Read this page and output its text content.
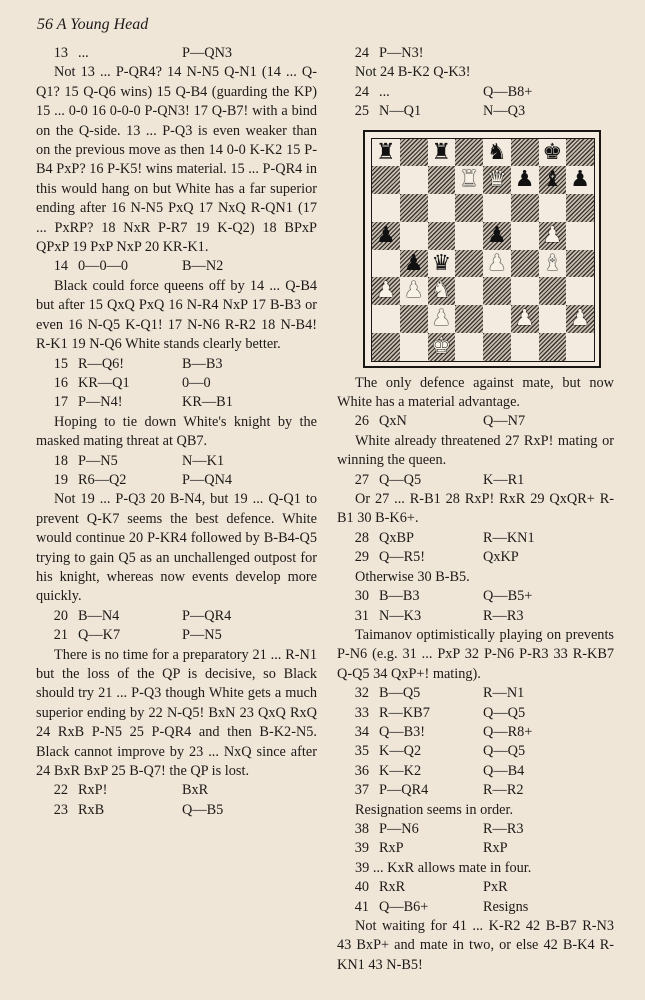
56 A Young Head
13 ...	P—QN3

Not 13 ... P-QR4? 14 N-N5 Q-N1 (14 ... Q-Q1? 15 Q-Q6 wins) 15 Q-B4 (guarding the KP) 15 ... 0-0 16 0-0-0 P-QN3! 17 Q-B7! with a bind on the Q-side. 13 ... P-Q3 is even weaker than on the previous move as then 14 0-0 K-K2 15 P-B4 PxP? 16 P-K5! wins material. 15 ... P-QR4 in this would hang on but White has a far superior ending after 16 N-N5 PxQ 17 NxQ R-QN1 (17 ... PxRP? 18 NxR P-R7 19 K-Q2) 18 BPxP QPxP 19 PxP NxP 20 KR-K1.

14 0—0—0	B—N2

Black could force queens off by 14 ... Q-B4 but after 15 QxQ PxQ 16 N-R4 NxP 17 B-B3 or even 16 N-Q5 K-Q1! 17 N-N6 R-R2 18 N-B4! R-K1 19 N-Q6 White stands clearly better.

15 R—Q6!	B—B3
16 KR—Q1	0—0
17 P—N4!	KR—B1

Hoping to tie down White's knight by the masked mating threat at QB7.

18 P—N5	N—K1
19 R6—Q2	P—QN4

Not 19 ... P-Q3 20 B-N4, but 19 ... Q-Q1 to prevent Q-K7 seems the best defence. White would continue 20 P-KR4 followed by B-B4-Q5 trying to gain Q5 as an unchallenged outpost for his knight, whereas now events develop more quickly.

20 B—N4	P—QR4
21 Q—K7	P—N5

There is no time for a preparatory 21 ... R-N1 but the loss of the QP is decisive, so Black should try 21 ... P-Q3 though White gets a much superior ending by 22 N-Q5! BxN 23 QxQ RxQ 24 RxB P-N5 25 P-QR4 and then B-K2-N5. Black cannot improve by 23 ... NxQ since after 24 BxR BxP 25 B-Q7! the QP is lost.

22 RxP!	BxR
23 RxB	Q—B5
24 P—N3!

Not 24 B-K2 Q-K3!

24 ...	Q—B8+
25 N—Q1	N—Q3
♜ ♜ ♞ ♚
♜ ♛ ♟ ♝ ♟
♟	♟ ♟
♟ ♛ ♟ ♝
♟ ♟ ♞
♟	♟ ♟
♚

The only defence against mate, but now White has a material advantage.

26 QxN	Q—N7

White already threatened 27 RxP! mating or winning the queen.

27 Q—Q5	K—R1

Or 27 ... R-B1 28 RxP! RxR 29 QxQR+ R-B1 30 B-K6+.

28 QxBP	R—KN1
29 Q—R5!	QxKP

Otherwise 30 B-B5.

30 B—B3	Q—B5+
31 N—K3	R—R3

Taimanov optimistically playing on prevents P-N6 (e.g. 31 ... PxP 32 P-N6 P-R3 33 R-KB7 Q-Q5 34 QxP+! mating).

32 B—Q5	R—N1
33 R—KB7	Q—Q5
34 Q—B3!	Q—R8+
35 K—Q2	Q—Q5
36 K—K2	Q—B4
37 P—QR4	R—R2

Resignation seems in order.

38 P—N6	R—R3
39 RxP	RxP

39 ... KxR allows mate in four.

40 RxR	PxR
41 Q—B6+	Resigns

Not waiting for 41 ... K-R2 42 B-B7 R-N3 43 BxP+ and mate in two, or else 42 B-K4 R-KN1 43 N-B5!
